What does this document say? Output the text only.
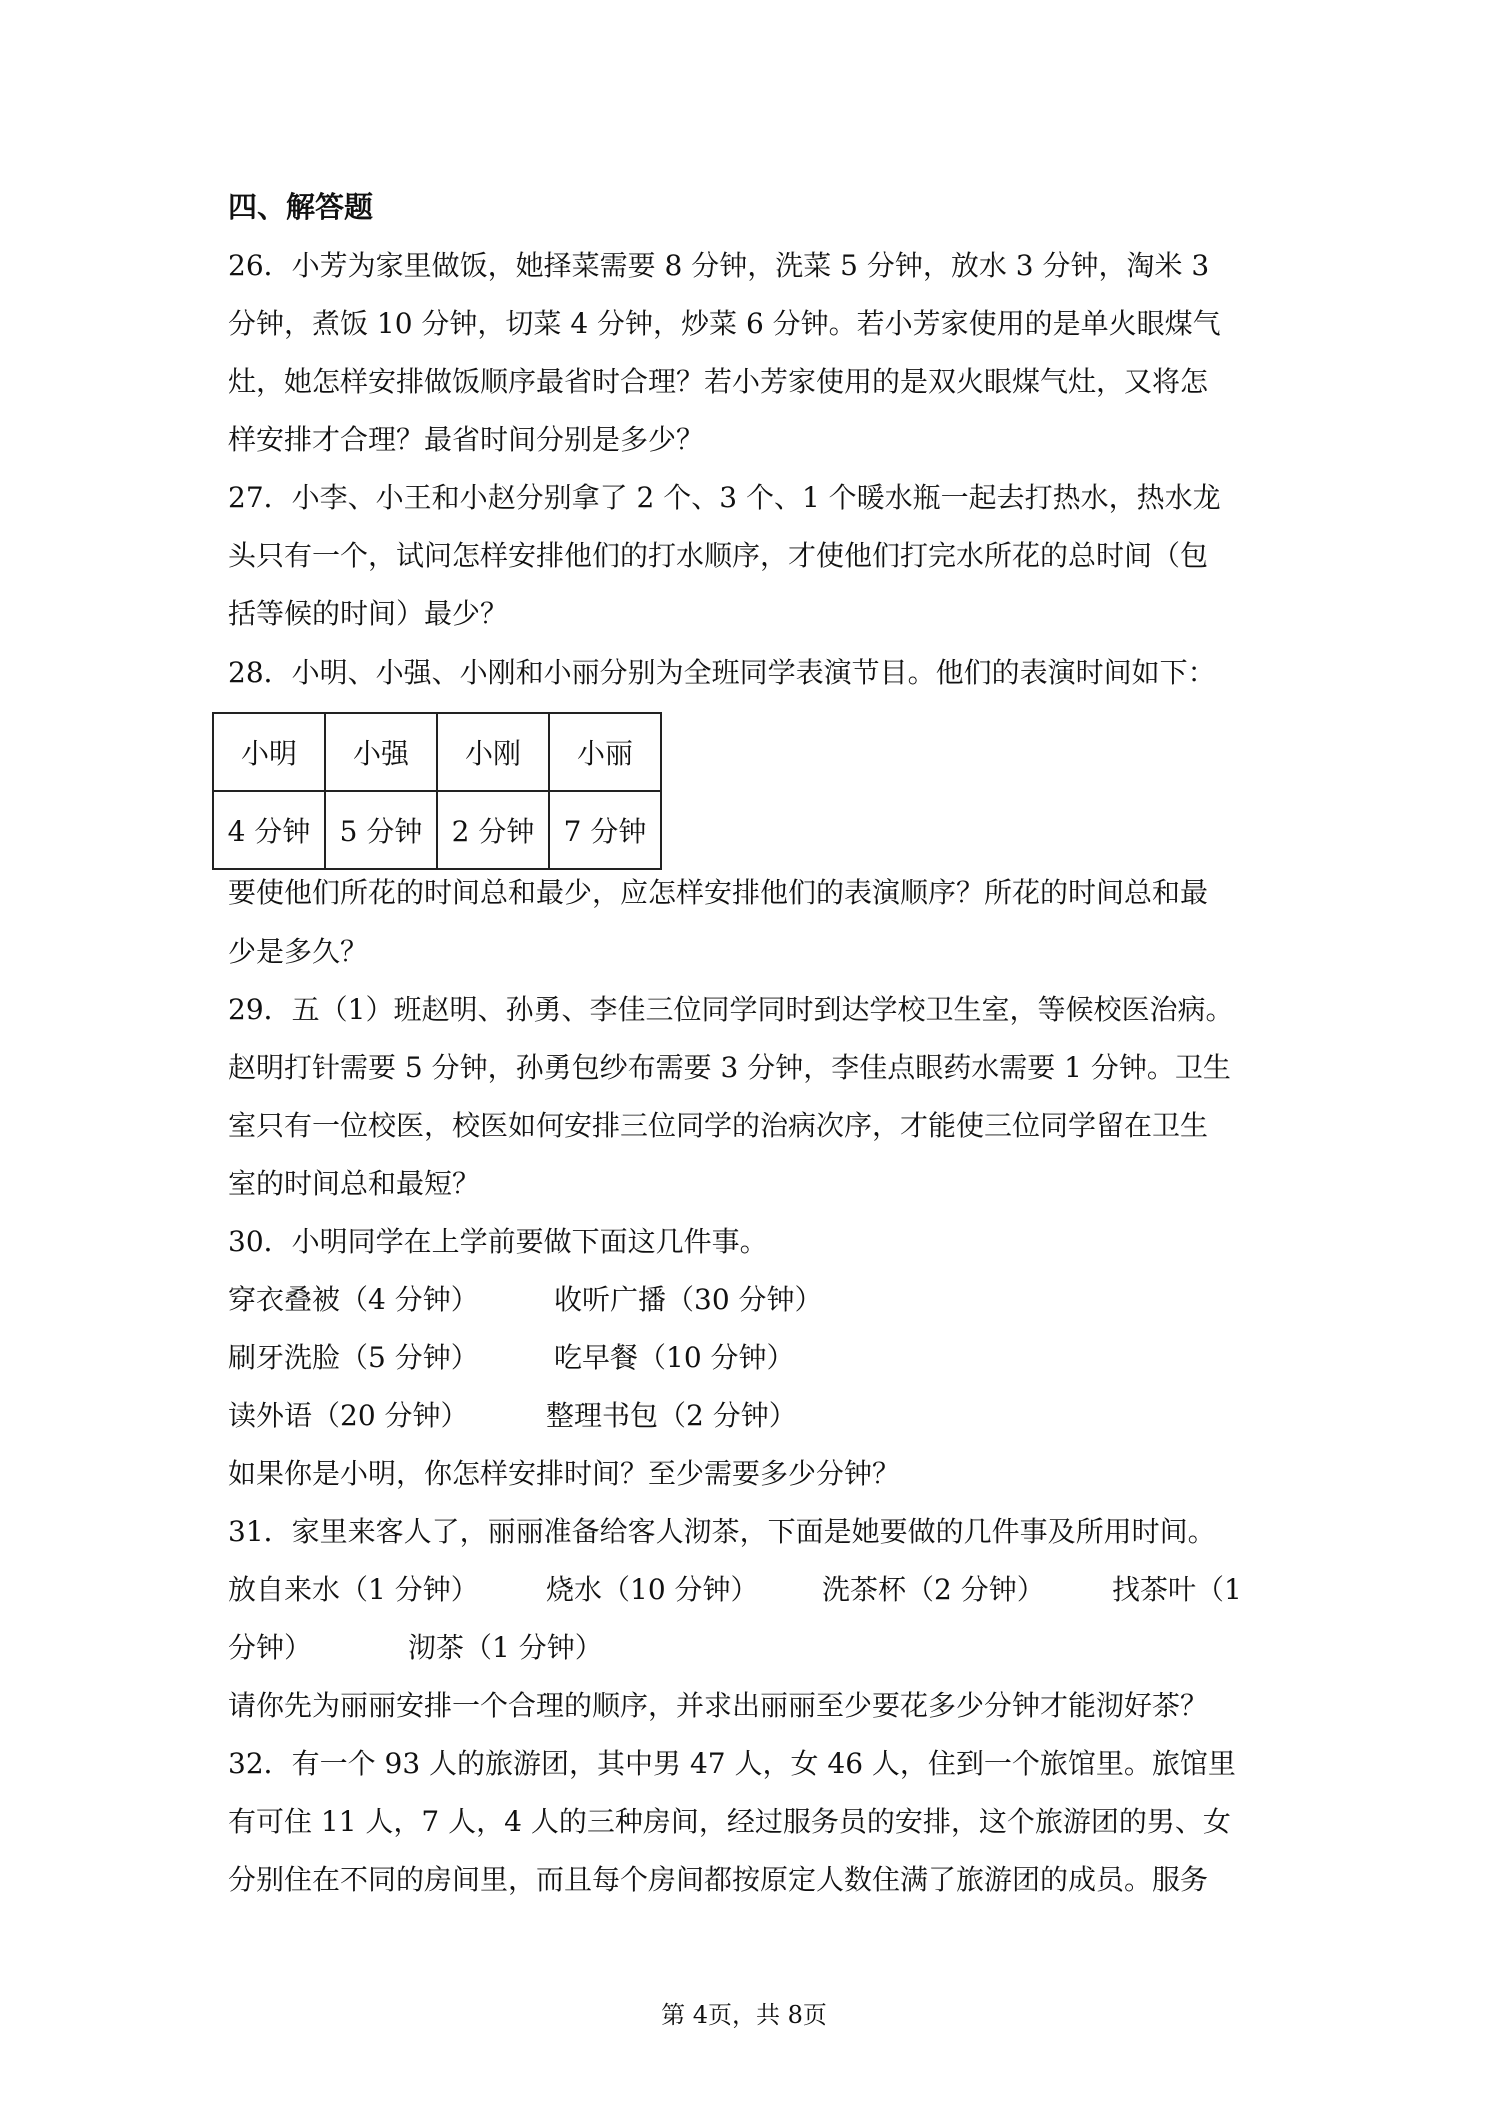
四、解答题
26．小芳为家里做饭，她择菜需要 8 分钟，洗菜 5 分钟，放水 3 分钟，淘米 3
分钟，煮饭 10 分钟，切菜 4 分钟，炒菜 6 分钟。若小芳家使用的是单火眼煤气
灶，她怎样安排做饭顺序最省时合理？若小芳家使用的是双火眼煤气灶，又将怎
样安排才合理？最省时间分别是多少？
27．小李、小王和小赵分别拿了 2 个、3 个、1 个暖水瓶一起去打热水，热水龙
头只有一个，试问怎样安排他们的打水顺序，才使他们打完水所花的总时间（包
括等候的时间）最少？
28．小明、小强、小刚和小丽分别为全班同学表演节目。他们的表演时间如下：
小明	小强	小刚	小丽
4 分钟	5 分钟	2 分钟	7 分钟
要使他们所花的时间总和最少，应怎样安排他们的表演顺序？所花的时间总和最
少是多久？
29．五（1）班赵明、孙勇、李佳三位同学同时到达学校卫生室，等候校医治病。
赵明打针需要 5 分钟，孙勇包纱布需要 3 分钟，李佳点眼药水需要 1 分钟。卫生
室只有一位校医，校医如何安排三位同学的治病次序，才能使三位同学留在卫生
室的时间总和最短？
30．小明同学在上学前要做下面这几件事。
穿衣叠被（4 分钟）	收听广播（30 分钟）
刷牙洗脸（5 分钟）	吃早餐（10 分钟）
读外语（20 分钟）	整理书包（2 分钟）
如果你是小明，你怎样安排时间？至少需要多少分钟？
31．家里来客人了，丽丽准备给客人沏茶，下面是她要做的几件事及所用时间。
放自来水（1 分钟） 烧水（10 分钟） 洗茶杯（2 分钟） 找茶叶（1
分钟）	沏茶（1 分钟）
请你先为丽丽安排一个合理的顺序，并求出丽丽至少要花多少分钟才能沏好茶？
32．有一个 93 人的旅游团，其中男 47 人，女 46 人，住到一个旅馆里。旅馆里
有可住 11 人，7 人，4 人的三种房间，经过服务员的安排，这个旅游团的男、女
分别住在不同的房间里，而且每个房间都按原定人数住满了旅游团的成员。服务
第 4页，共 8页
